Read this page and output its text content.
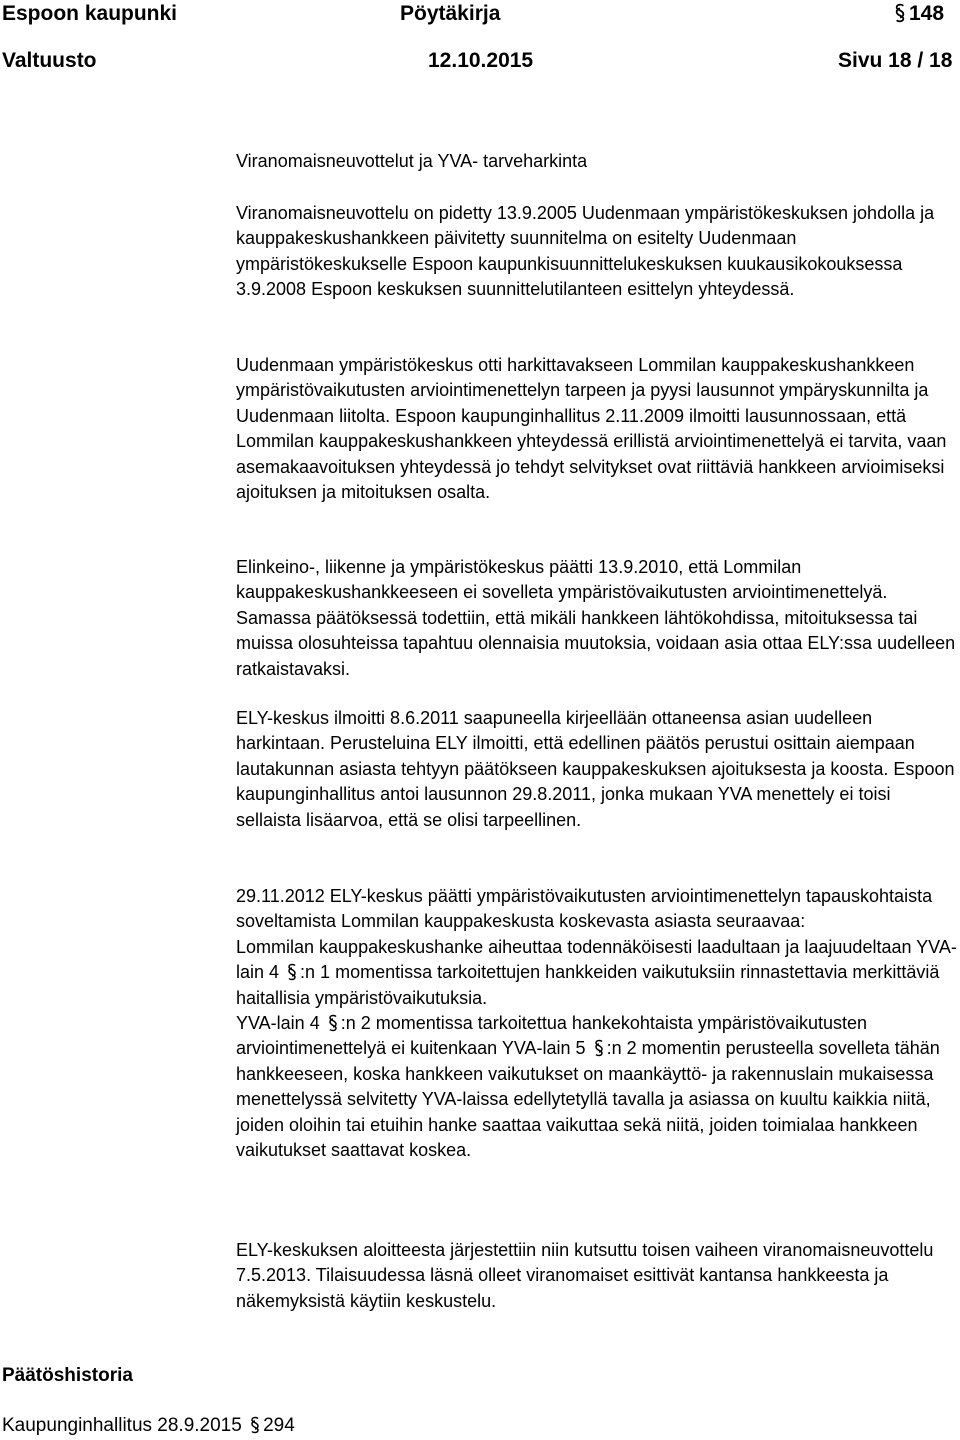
Espoon kaupunki	Pöytäkirja	148
Valtuusto	12.10.2015	Sivu 18 / 18
Viranomaisneuvottelut ja YVA- tarveharkinta

Viranomaisneuvottelu on pidetty 13.9.2005 Uudenmaan ympäristökeskuksen johdolla ja kauppakeskushankkeen päivitetty suunnitelma on esitelty Uudenmaan ympäristökeskukselle Espoon kaupunkisuunnittelukeskuksen kuukausikokouksessa 3.9.2008 Espoon keskuksen suunnittelutilanteen esittelyn yhteydessä.

Uudenmaan ympäristökeskus otti harkittavakseen Lommilan kauppakeskushankkeen ympäristövaikutusten arviointimenettelyn tarpeen ja pyysi lausunnot ympäryskunnilta ja Uudenmaan liitolta. Espoon kaupunginhallitus 2.11.2009 ilmoitti lausunnossaan, että Lommilan kauppakeskushankkeen yhteydessä erillistä arviointimenettelyä ei tarvita, vaan asemakaavoituksen yhteydessä jo tehdyt selvitykset ovat riittäviä hankkeen arvioimiseksi ajoituksen ja mitoituksen osalta.

Elinkeino-, liikenne ja ympäristökeskus päätti 13.9.2010, että Lommilan kauppakeskushankkeeseen ei sovelleta ympäristövaikutusten arviointimenettelyä. Samassa päätöksessä todettiin, että mikäli hankkeen lähtökohdissa, mitoituksessa tai muissa olosuhteissa tapahtuu olennaisia muutoksia, voidaan asia ottaa ELY:ssa uudelleen ratkaistavaksi.

ELY-keskus ilmoitti 8.6.2011 saapuneella kirjeellään ottaneensa asian uudelleen harkintaan. Perusteluina ELY ilmoitti, että edellinen päätös perustui osittain aiempaan lautakunnan asiasta tehtyyn päätökseen kauppakeskuksen ajoituksesta ja koosta. Espoon kaupunginhallitus antoi lausunnon 29.8.2011, jonka mukaan YVA menettely ei toisi sellaista lisäarvoa, että se olisi tarpeellinen.

29.11.2012 ELY-keskus päätti ympäristövaikutusten arviointimenettelyn tapauskohtaista soveltamista Lommilan kauppakeskusta koskevasta asiasta seuraavaa:

Lommilan kauppakeskushanke aiheuttaa todennäköisesti laadultaan ja laajuudeltaan YVA-lain 4 :n 1 momentissa tarkoitettujen hankkeiden vaikutuksiin rinnastettavia merkittäviä haitallisia ympäristövaikutuksia.

YVA-lain 4 :n 2 momentissa tarkoitettua hankekohtaista ympäristövaikutusten arviointimenettelyä ei kuitenkaan YVA-lain 5 :n 2 momentin perusteella sovelleta tähän hankkeeseen, koska hankkeen vaikutukset on maankäyttö- ja rakennuslain mukaisessa menettelyssä selvitetty YVA-laissa edellytetyllä tavalla ja asiassa on kuultu kaikkia niitä, joiden oloihin tai etuihin hanke saattaa vaikuttaa sekä niitä, joiden toimialaa hankkeen vaikutukset saattavat koskea.

ELY-keskuksen aloitteesta järjestettiin niin kutsuttu toisen vaiheen viranomaisneuvottelu 7.5.2013. Tilaisuudessa läsnä olleet viranomaiset esittivät kantansa hankkeesta ja näkemyksistä käytiin keskustelu.

Päätöshistoria
Kaupunginhallitus 28.9.2015 294
